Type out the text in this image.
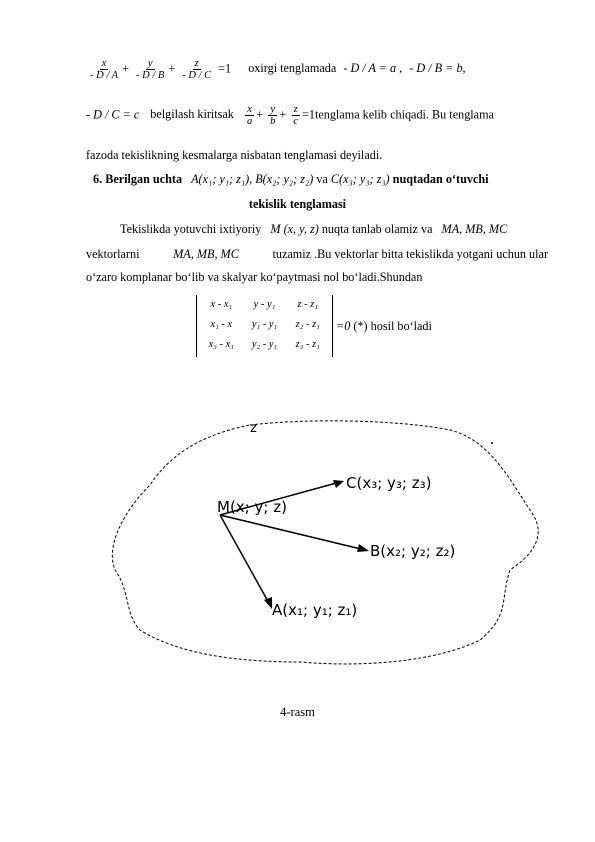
$\frac{x}{- D / A} + \frac{y}{- D / B} + \frac{z}{- D / C} =1$ oxirgi tenglamada - D / A = a , - D / B = b,
- D / C = c belgilash kiritsak $\frac{x}{a} + \frac{y}{b} + \frac{z}{c}$ =1tenglama kelib chiqadi. Bu tenglama
fazoda tekislikning kesmalarga nisbatan tenglamasi deyiladi.
6. Berilgan uchta A(x₁; y₁; z₁), B(x₂; y₂; z₂) va C(x₃; y₃; z₃) nuqtadan o‘tuvchi
tekislik tenglamasi
Tekislikda yotuvchi ixtiyoriy M (x, y, z) nuqta tanlab olamiz va MA, MB, MC
vektorlarni	MA, MB, MC	tuzamiz .Bu vektorlar bitta tekislikda yotgani uchun ular
o‘zaro komplanar bo‘lib va skalyar ko‘paytmasi nol bo‘ladi.Shundan
x - x₁	y - y₁	z - z₁
x₁ - x	y₁ - y₁	z₂ - z₁
x₃ - x₁	y₂ - y₁	z₃ - z₁
=0 (*) hosil bo‘ladi
z
M(x; y; z)
C(x₃; y₃; z₃)
B(x₂; y₂; z₂)
A(x₁; y₁; z₁)
4-rasm
